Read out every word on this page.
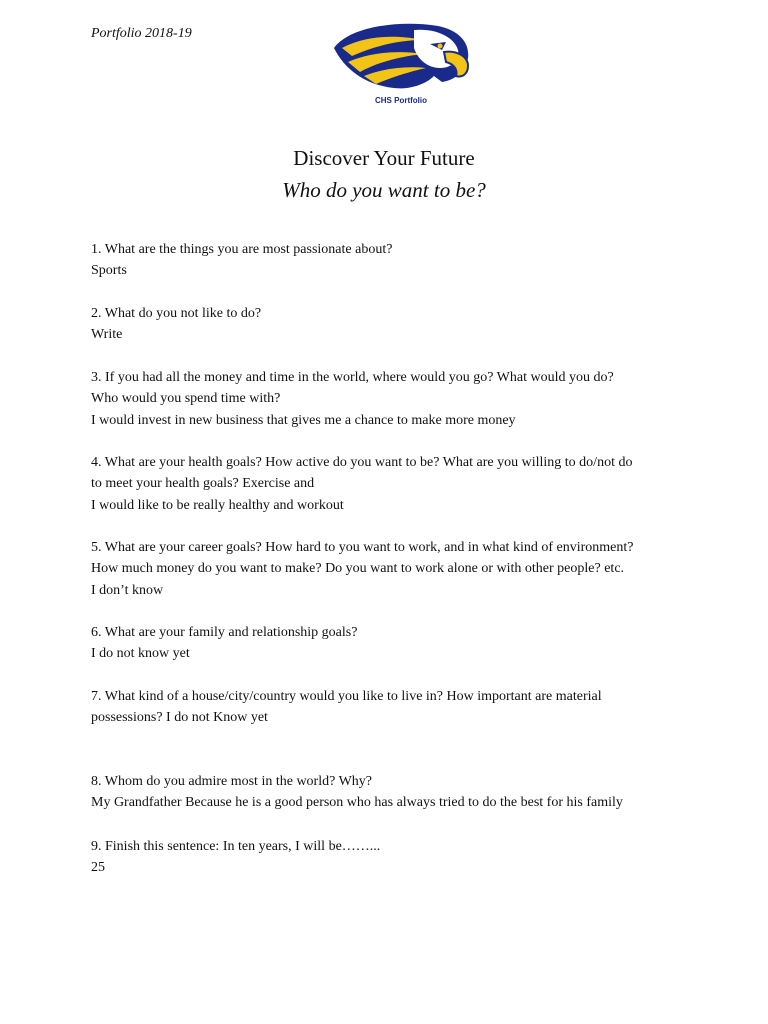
Portfolio 2018-19
CHS Portfolio
Discover Your Future
Who do you want to be?

1. What are the things you are most passionate about?

Sports

2. What do you not like to do?

Write

3. If you had all the money and time in the world, where would you go? What would you do?

Who would you spend time with?

I would invest in new business that gives me a chance to make more money

4. What are your health goals? How active do you want to be? What are you willing to do/not do

to meet your health goals? Exercise and

I would like to be really healthy and workout

5. What are your career goals? How hard to you want to work, and in what kind of environment?

How much money do you want to make? Do you want to work alone or with other people? etc.

I don’t know

6. What are your family and relationship goals?

I do not know yet

7. What kind of a house/city/country would you like to live in? How important are material

possessions? I do not Know yet

8. Whom do you admire most in the world? Why?

My Grandfather Because he is a good person who has always tried to do the best for his family

9. Finish this sentence: In ten years, I will be……...

25
